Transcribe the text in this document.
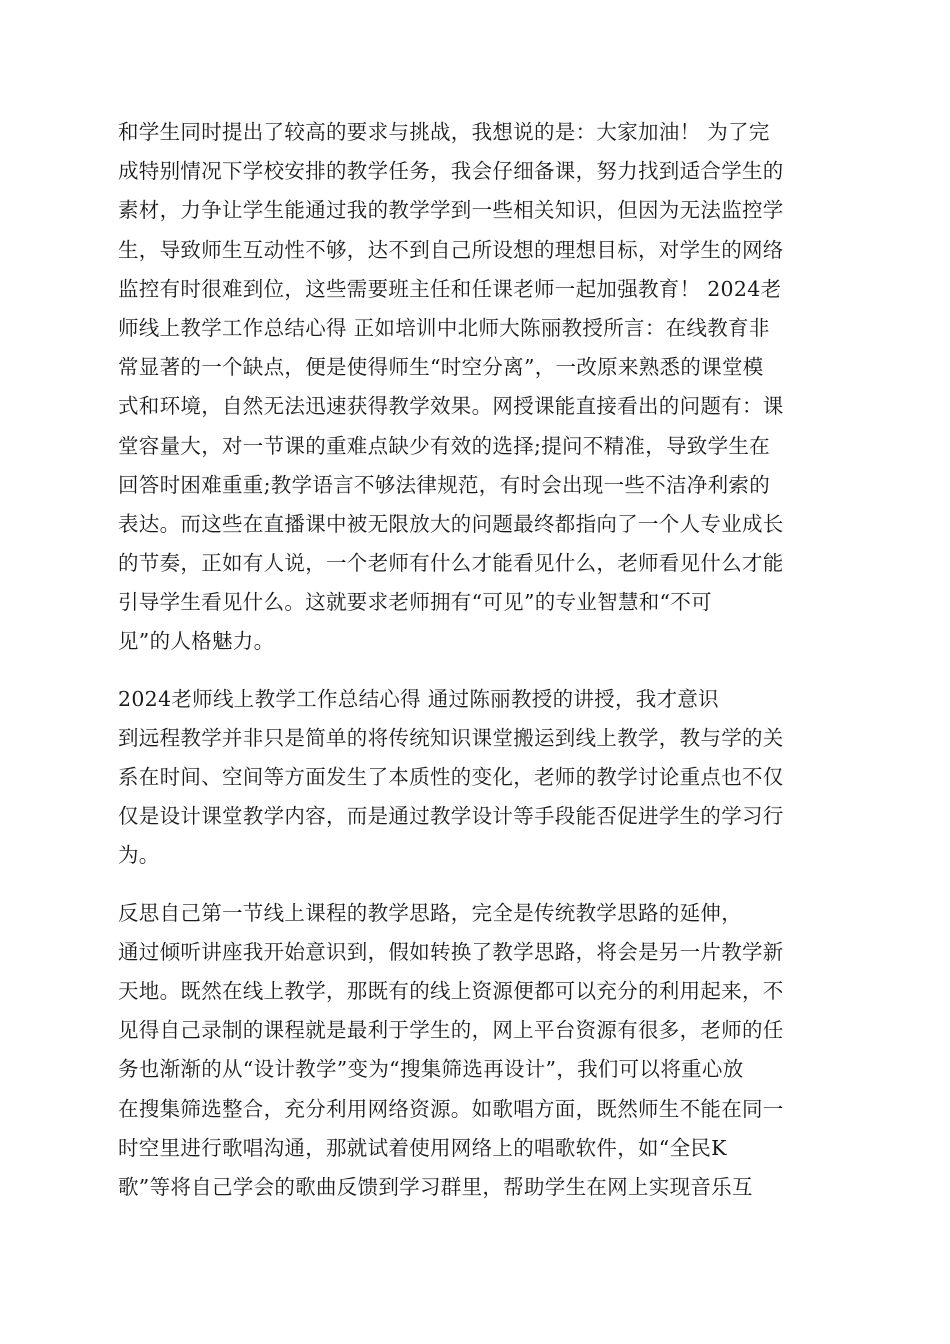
和学生同时提出了较高的要求与挑战，我想说的是：大家加油！ 为了完
成特别情况下学校安排的教学任务，我会仔细备课，努力找到适合学生的
素材，力争让学生能通过我的教学学到一些相关知识，但因为无法监控学
生，导致师生互动性不够，达不到自己所设想的理想目标，对学生的网络
监控有时很难到位，这些需要班主任和任课老师一起加强教育！ 2024老
师线上教学工作总结心得 正如培训中北师大陈丽教授所言：在线教育非
常显著的一个缺点，便是使得师生“时空分离”，一改原来熟悉的课堂模
式和环境，自然无法迅速获得教学效果。网授课能直接看出的问题有：课
堂容量大，对一节课的重难点缺少有效的选择;提问不精准，导致学生在
回答时困难重重;教学语言不够法律规范，有时会出现一些不洁净利索的
表达。而这些在直播课中被无限放大的问题最终都指向了一个人专业成长
的节奏，正如有人说，一个老师有什么才能看见什么，老师看见什么才能
引导学生看见什么。这就要求老师拥有“可见”的专业智慧和“不可
见”的人格魅力。

2024老师线上教学工作总结心得 通过陈丽教授的讲授，我才意识
到远程教学并非只是简单的将传统知识课堂搬运到线上教学，教与学的关
系在时间、空间等方面发生了本质性的变化，老师的教学讨论重点也不仅
仅是设计课堂教学内容，而是通过教学设计等手段能否促进学生的学习行
为。

反思自己第一节线上课程的教学思路，完全是传统教学思路的延伸，
通过倾听讲座我开始意识到，假如转换了教学思路，将会是另一片教学新
天地。既然在线上教学，那既有的线上资源便都可以充分的利用起来，不
见得自己录制的课程就是最利于学生的，网上平台资源有很多，老师的任
务也渐渐的从“设计教学”变为“搜集筛选再设计”，我们可以将重心放
在搜集筛选整合，充分利用网络资源。如歌唱方面，既然师生不能在同一
时空里进行歌唱沟通，那就试着使用网络上的唱歌软件，如“全民K
歌”等将自己学会的歌曲反馈到学习群里，帮助学生在网上实现音乐互
